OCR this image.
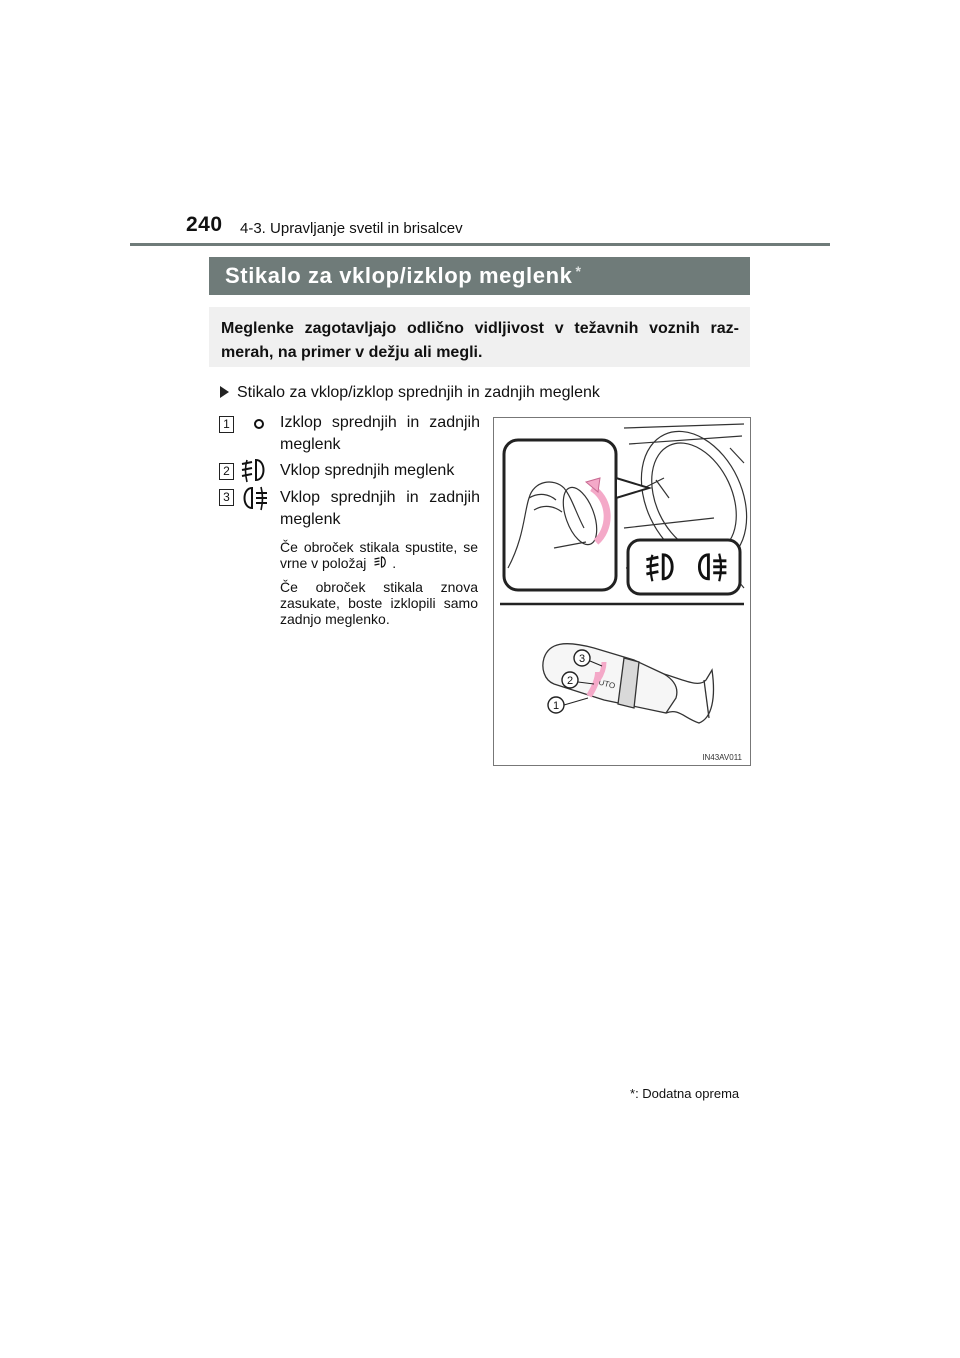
240 4-3. Upravljanje svetil in brisalcev
Stikalo za vklop/izklop meglenk *
Meglenke zagotavljajo odlično vidljivost v težavnih voznih raz-merah, na primer v dežju ali megli.
Stikalo za vklop/izklop sprednjih in zadnjih meglenk
1	Izklop sprednjih in zadnjih meglenk
2	Vklop sprednjih meglenk
3	Vklop sprednjih in zadnjih meglenk
Če obroček stikala spustite, se vrne v položaj .
Če obroček stikala znova zasukate, boste izklopili samo zadnjo meglenko.
AUTO
3
2
1
IN43AV011
*: Dodatna oprema
